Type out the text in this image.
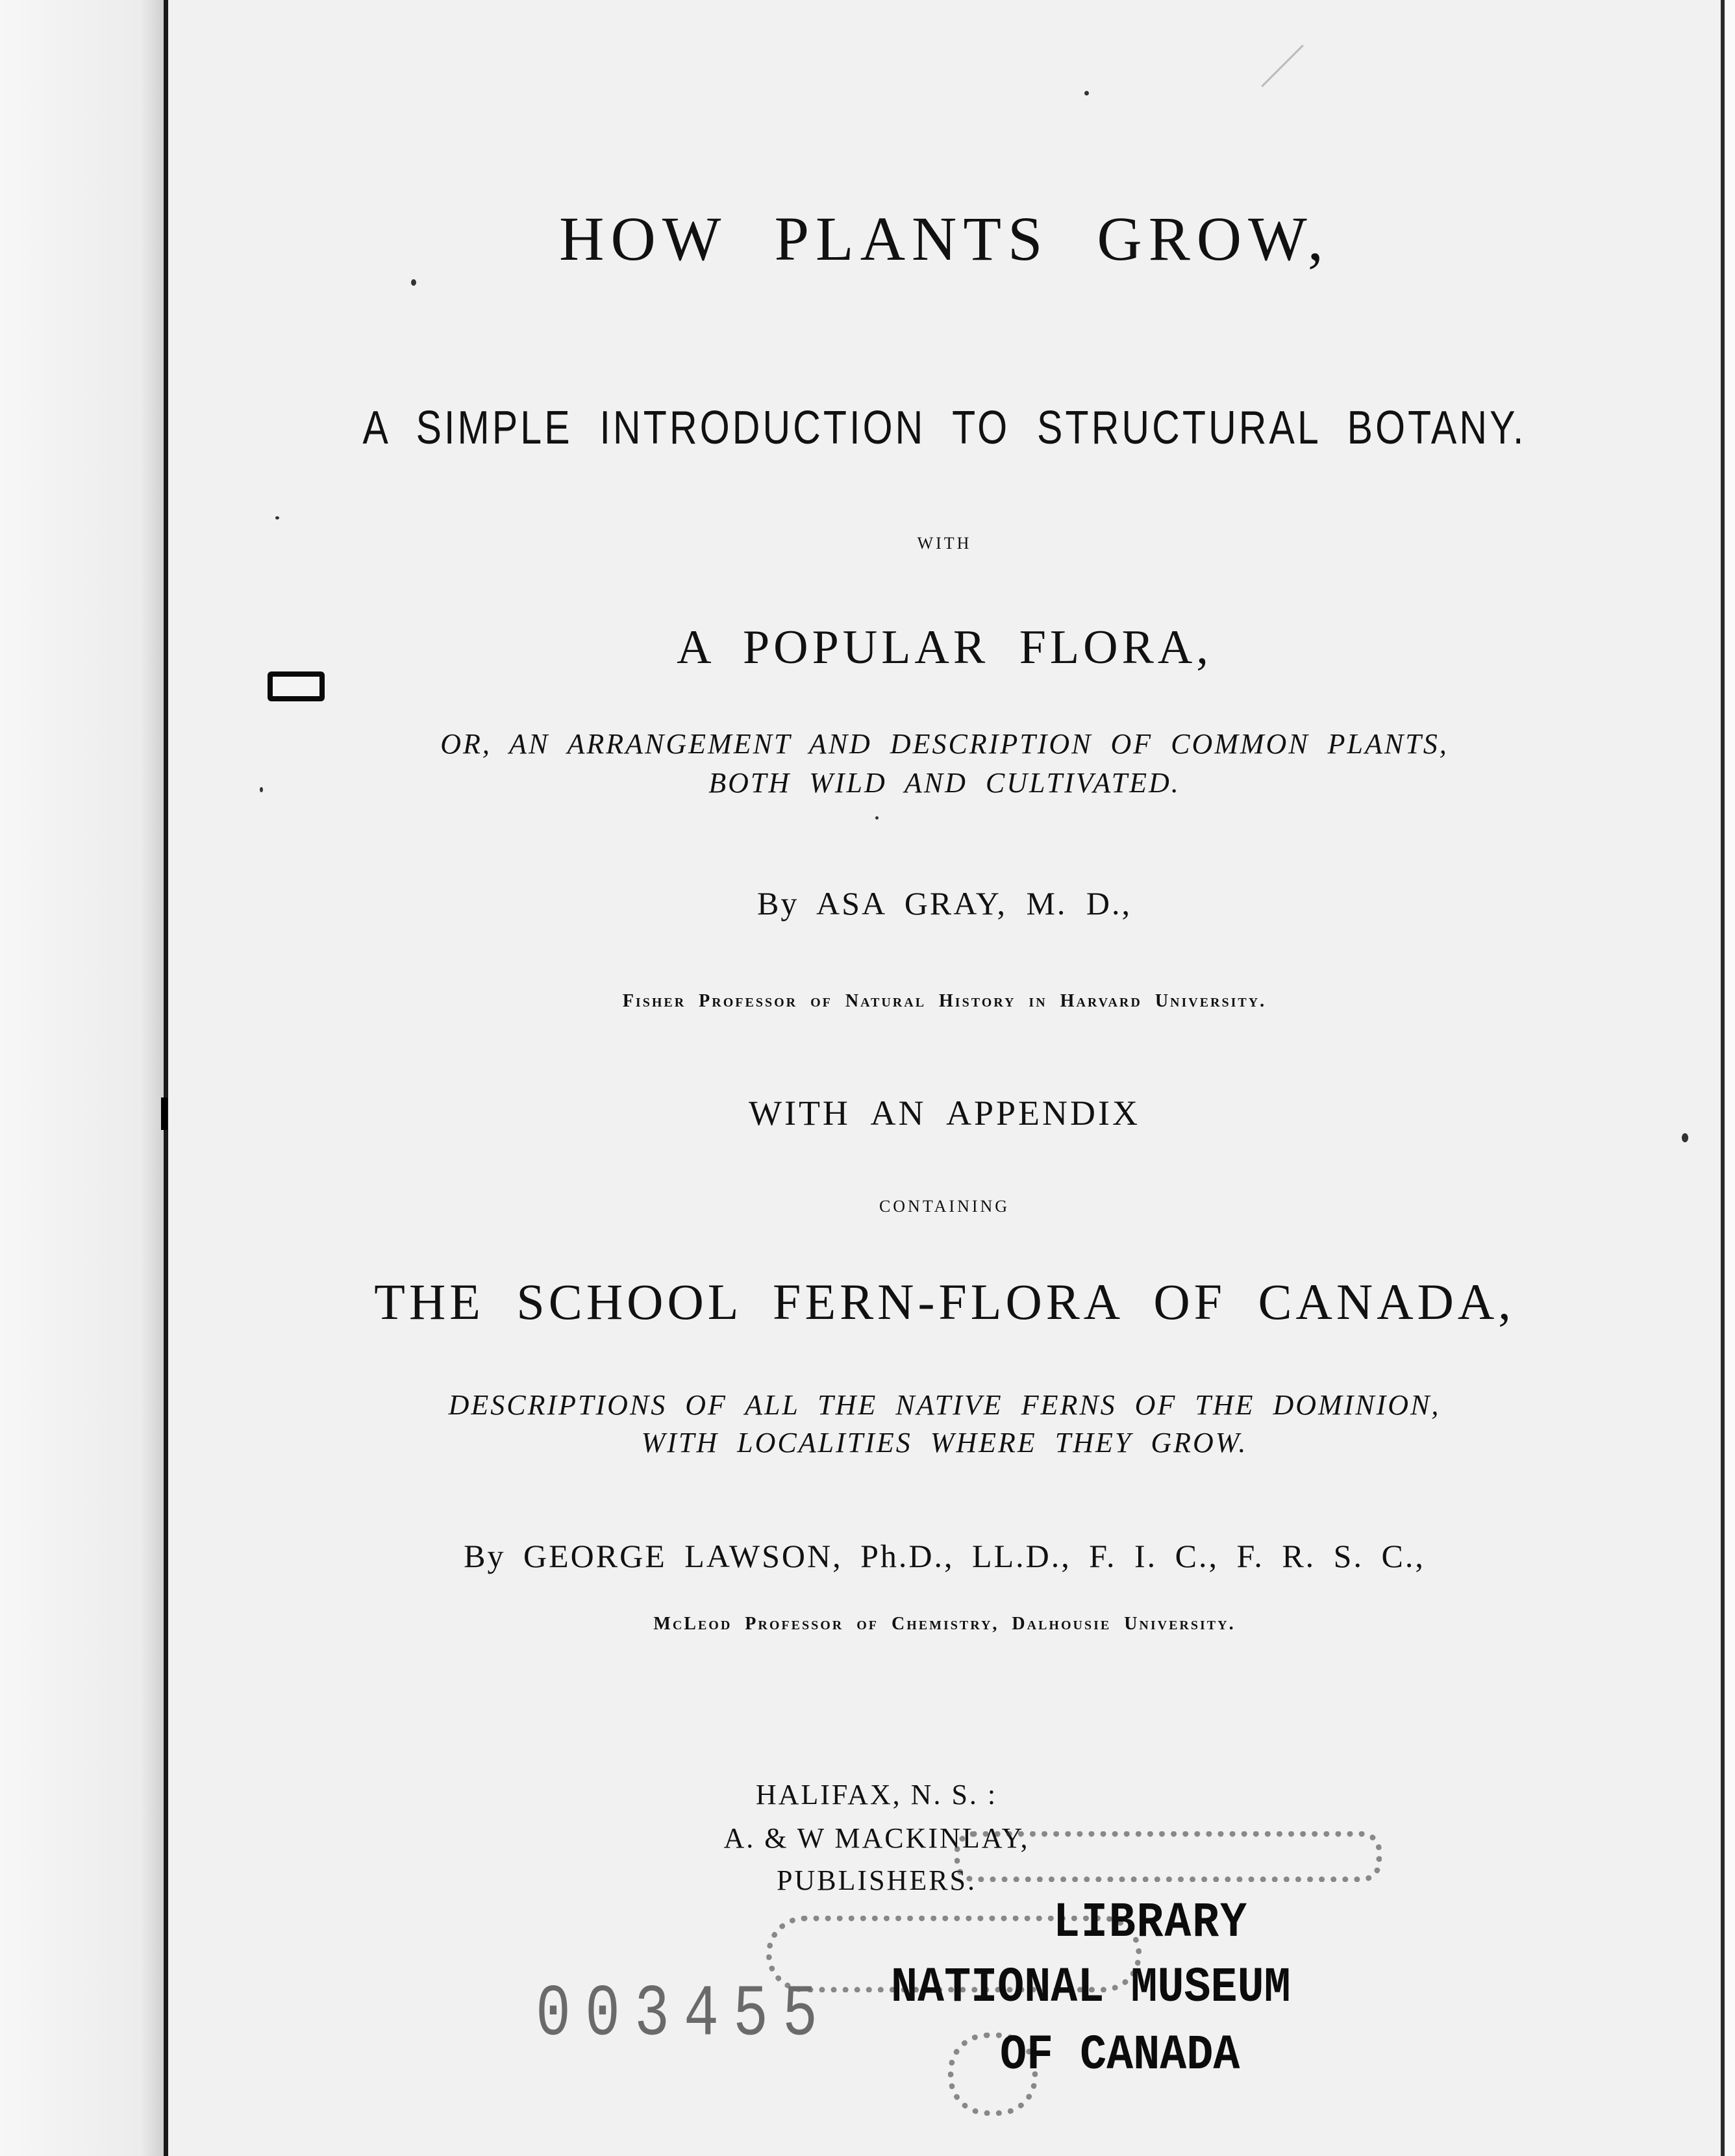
HOW PLANTS GROW,
A SIMPLE INTRODUCTION TO STRUCTURAL BOTANY.
WITH
A POPULAR FLORA,
OR, AN ARRANGEMENT AND DESCRIPTION OF COMMON PLANTS,
BOTH WILD AND CULTIVATED.
By ASA GRAY, M. D.,
Fisher Professor of Natural History in Harvard University.
WITH AN APPENDIX
CONTAINING
THE SCHOOL FERN-FLORA OF CANADA,
DESCRIPTIONS OF ALL THE NATIVE FERNS OF THE DOMINION,
WITH LOCALITIES WHERE THEY GROW.
By GEORGE LAWSON, Ph.D., LL.D., F. I. C., F. R. S. C.,
McLeod Professor of Chemistry, Dalhousie University.
HALIFAX, N. S. :
A. & W MACKINLAY,
PUBLISHERS.
003455
LIBRARY
NATIONAL MUSEUM
OF CANADA
